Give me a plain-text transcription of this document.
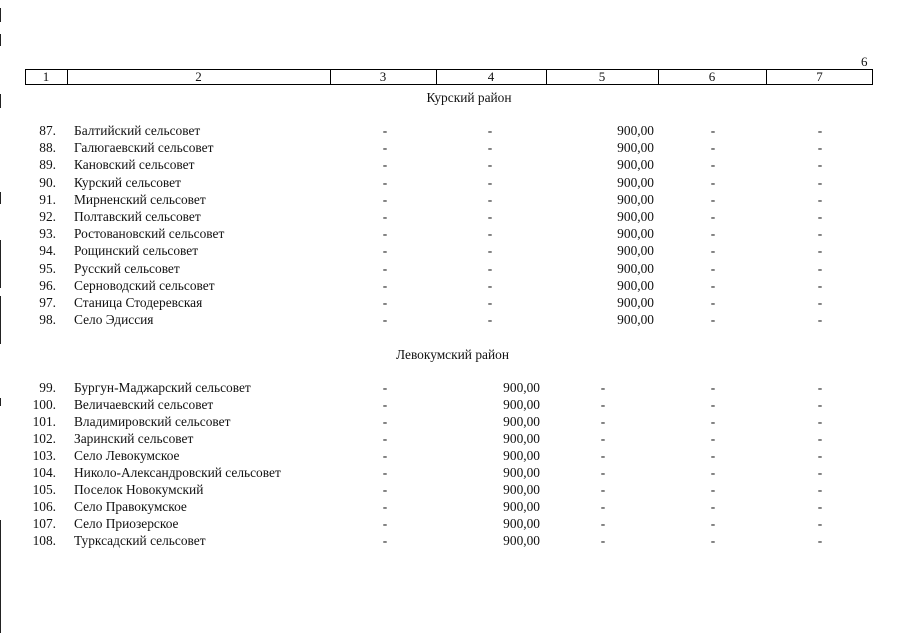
6
1	2	3	4	5	6	7
Курский район
87. Балтийский сельсовет	-	-	900,00	-	-
88. Галюгаевский сельсовет	-	-	900,00	-	-
89. Кановский сельсовет	-	-	900,00	-	-
90. Курский сельсовет	-	-	900,00	-	-
91. Мирненский сельсовет	-	-	900,00	-	-
92. Полтавский сельсовет	-	-	900,00	-	-
93. Ростовановский сельсовет	-	-	900,00	-	-
94. Рощинский сельсовет	-	-	900,00	-	-
95. Русский сельсовет	-	-	900,00	-	-
96. Серноводский сельсовет	-	-	900,00	-	-
97. Станица Стодеревская	-	-	900,00	-	-
98. Село Эдиссия	-	-	900,00	-	-
Левокумский район
99. Бургун-Маджарский сельсовет	-	900,00	-	-	-
100. Величаевский сельсовет	-	900,00	-	-	-
101. Владимировский сельсовет	-	900,00	-	-	-
102. Заринский сельсовет	-	900,00	-	-	-
103. Село Левокумское	-	900,00	-	-	-
104. Николо-Александровский сельсовет	-	900,00	-	-	-
105. Поселок Новокумский	-	900,00	-	-	-
106. Село Правокумское	-	900,00	-	-	-
107. Село Приозерское	-	900,00	-	-	-
108. Турксадский сельсовет	-	900,00	-	-	-
